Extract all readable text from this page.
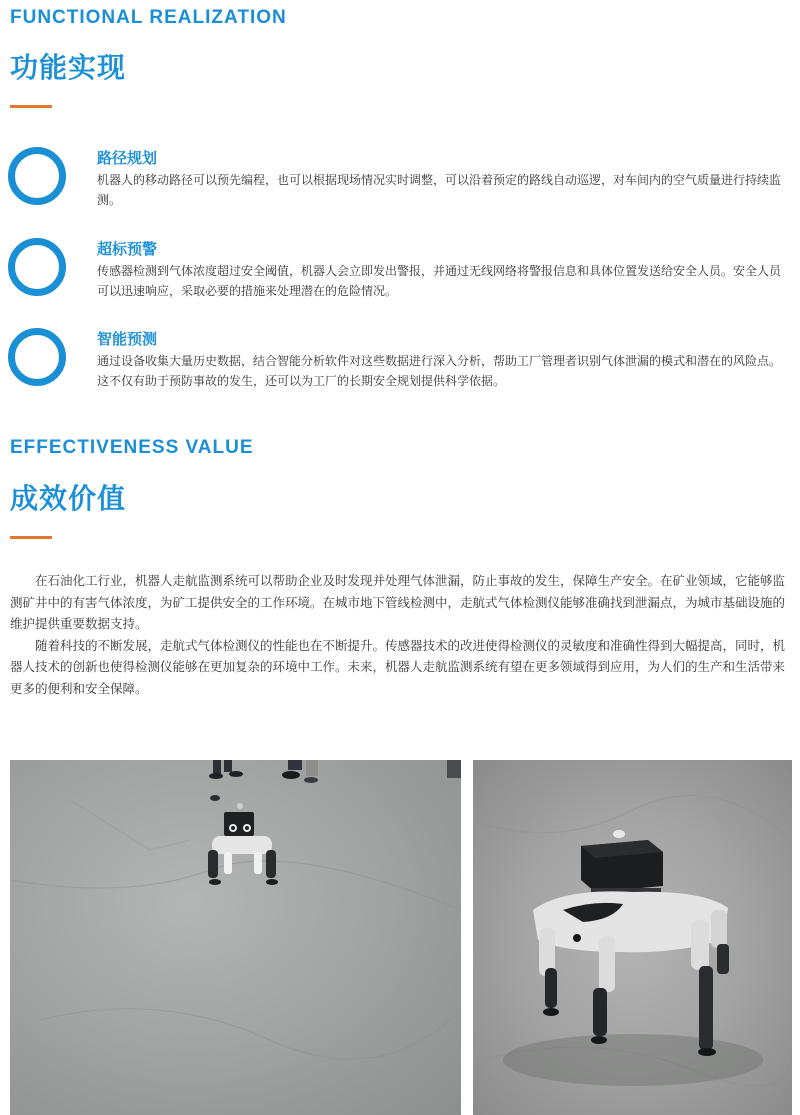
FUNCTIONAL REALIZATION
功能实现
路径规划
机器人的移动路径可以预先编程，也可以根据现场情况实时调整，可以沿着预定的路线自动巡逻，对车间内的空气质量进行持续监测。
超标预警
传感器检测到气体浓度超过安全阈值，机器人会立即发出警报，并通过无线网络将警报信息和具体位置发送给安全人员。安全人员可以迅速响应，采取必要的措施来处理潜在的危险情况。
智能预测
通过设备收集大量历史数据，结合智能分析软件对这些数据进行深入分析，帮助工厂管理者识别气体泄漏的模式和潜在的风险点。这不仅有助于预防事故的发生，还可以为工厂的长期安全规划提供科学依据。
EFFECTIVENESS VALUE
成效价值

在石油化工行业，机器人走航监测系统可以帮助企业及时发现并处理气体泄漏，防止事故的发生，保障生产安全。在矿业领域，它能够监测矿井中的有害气体浓度，为矿工提供安全的工作环境。在城市地下管线检测中，走航式气体检测仪能够准确找到泄漏点，为城市基础设施的维护提供重要数据支持。

随着科技的不断发展，走航式气体检测仪的性能也在不断提升。传感器技术的改进使得检测仪的灵敏度和准确性得到大幅提高，同时，机器人技术的创新也使得检测仪能够在更加复杂的环境中工作。未来，机器人走航监测系统有望在更多领域得到应用，为人们的生产和生活带来更多的便利和安全保障。
